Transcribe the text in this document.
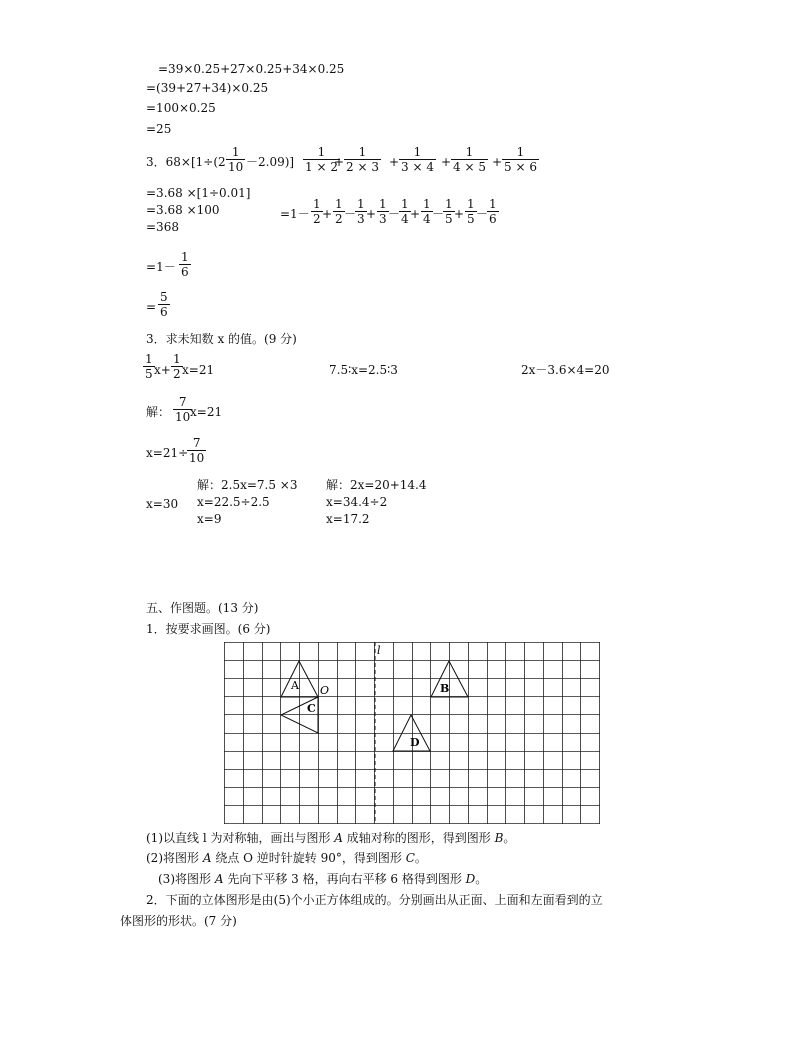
=39×0.25+27×0.25+34×0.25
=(39+27+34)×0.25
=100×0.25
=25
3．$68\times[1\div(2 \frac{1}{10} -2.09)]$
=3.68 ×[1÷0.01]
=3.68 ×100
=368
$\frac{1}{1 \times 2}$
+ $\frac{1}{2 \times 3} + \frac{1}{3 \times 4} + \frac{1}{4 \times 5} + \frac{1}{5 \times 6}$
$=1- \frac{1}{2} + \frac{1}{2}$ －
$\frac{1}{3} + \frac{1}{3}$ －
$\frac{1}{4} + \frac{1}{4}$ －
$\frac{1}{5} + \frac{1}{5}$ －
$\frac{1}{6}$
$=1- \frac{1}{6}$
= $\frac{5}{6}$
3．求未知数 x 的值。(9 分)
$\frac{1}{5} x+ \frac{1}{2} x=21$	7.5∶x=2.5∶3	2x－3.6×4=20
解： $\frac{7}{10}$
x=21
x=21÷
$\frac{7}{10}$
x=30
解：2.5x=7.5 ×3
x=22.5÷2.5
x=9
解：2x=20+14.4
x=34.4÷2
x=17.2
五、作图题。(13 分)
1．按要求画图。(6 分)
l
A O	B
C
D
(1)以直线 l 为对称轴，画出与图形 A 成轴对称的图形，得到图形 B。
(2)将图形 A 绕点 O 逆时针旋转 90°，得到图形 C。
(3)将图形 A 先向下平移 3 格，再向右平移 6 格得到图形 D。
2．下面的立体图形是由(5)个小正方体组成的。分别画出从正面、上面和左面看到的立
体图形的形状。(7 分)
